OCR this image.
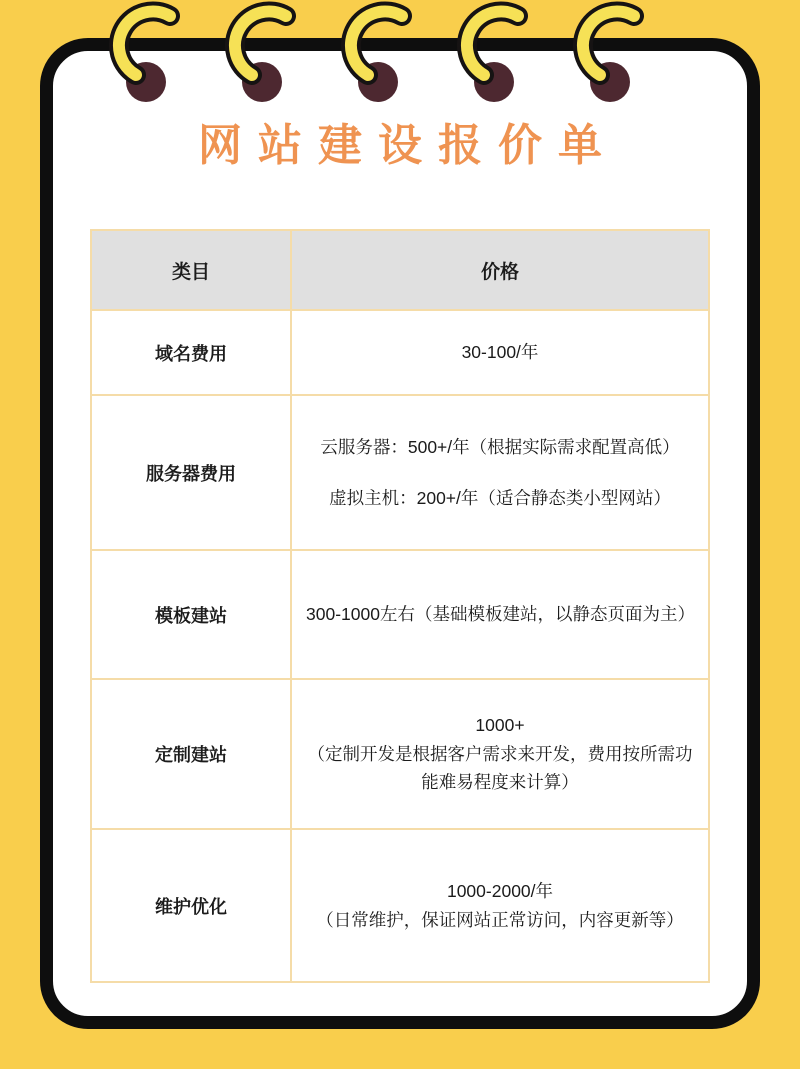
网站建设报价单
类目	价格
域名费用	30-100/年

服务器费用	云服务器：500+/年（根据实际需求配置高低）
虚拟主机：200+/年（适合静态类小型网站）

模板建站	300-1000左右（基础模板建站，以静态页面为主）

定制建站	1000+
（定制开发是根据客户需求来开发，费用按所需功能难易程度来计算）

维护优化	1000-2000/年
（日常维护，保证网站正常访问，内容更新等）
